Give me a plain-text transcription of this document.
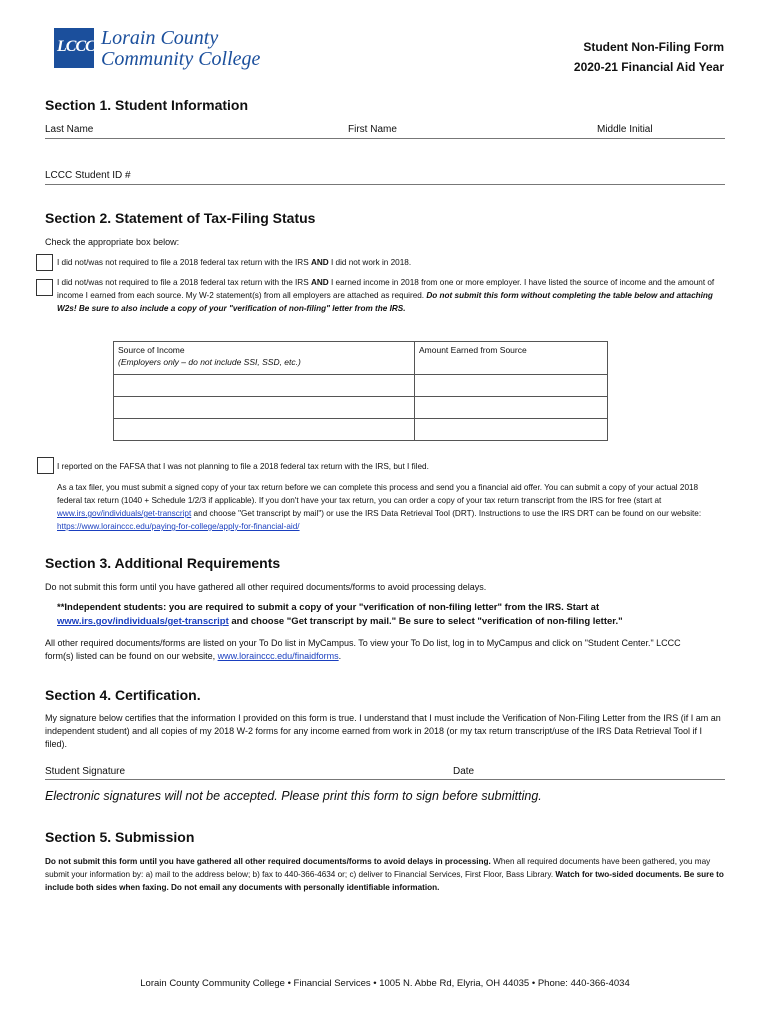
LCCC Lorain County
Community College
Student Non-Filing Form
2020-21 Financial Aid Year
Section 1. Student Information
Last Name	First Name	Middle Initial
LCCC Student ID #
Section 2. Statement of Tax-Filing Status
Check the appropriate box below:
I did not/was not required to file a 2018 federal tax return with the IRS AND I did not work in 2018.
I did not/was not required to file a 2018 federal tax return with the IRS AND I earned income in 2018 from one or more employer. I have listed the source of income and the amount of income I earned from each source. My W-2 statement(s) from all employers are attached as required. Do not submit this form without completing the table below and attaching W2s! Be sure to also include a copy of your "verification of non-filing" letter from the IRS.
Source of Income
(Employers only – do not include SSI, SSD, etc.)	Amount Earned from Source

I reported on the FAFSA that I was not planning to file a 2018 federal tax return with the IRS, but I filed.
As a tax filer, you must submit a signed copy of your tax return before we can complete this process and send you a financial aid offer. You can submit a copy of your actual 2018 federal tax return (1040 + Schedule 1/2/3 if applicable). If you don't have your tax return, you can order a copy of your tax return transcript from the IRS for free (start at www.irs.gov/individuals/get-transcript and choose "Get transcript by mail") or use the IRS Data Retrieval Tool (DRT). Instructions to use the IRS DRT can be found on our website: https://www.lorainccc.edu/paying-for-college/apply-for-financial-aid/
Section 3. Additional Requirements
Do not submit this form until you have gathered all other required documents/forms to avoid processing delays.
**Independent students: you are required to submit a copy of your "verification of non-filing letter" from the IRS. Start at www.irs.gov/individuals/get-transcript and choose "Get transcript by mail." Be sure to select "verification of non-filing letter."
All other required documents/forms are listed on your To Do list in MyCampus. To view your To Do list, log in to MyCampus and click on "Student Center." LCCC form(s) listed can be found on our website, www.lorainccc.edu/finaidforms.
Section 4. Certification.
My signature below certifies that the information I provided on this form is true. I understand that I must include the Verification of Non-Filing Letter from the IRS (if I am an independent student) and all copies of my 2018 W-2 forms for any income earned from work in 2018 (or my tax return transcript/use of the IRS Data Retrieval Tool if I filed).
Student Signature	Date
Electronic signatures will not be accepted. Please print this form to sign before submitting.
Section 5. Submission
Do not submit this form until you have gathered all other required documents/forms to avoid delays in processing. When all required documents have been gathered, you may submit your information by: a) mail to the address below; b) fax to 440-366-4634 or; c) deliver to Financial Services, First Floor, Bass Library. Watch for two-sided documents. Be sure to include both sides when faxing. Do not email any documents with personally identifiable information.
Lorain County Community College • Financial Services • 1005 N. Abbe Rd, Elyria, OH 44035 • Phone: 440-366-4034
